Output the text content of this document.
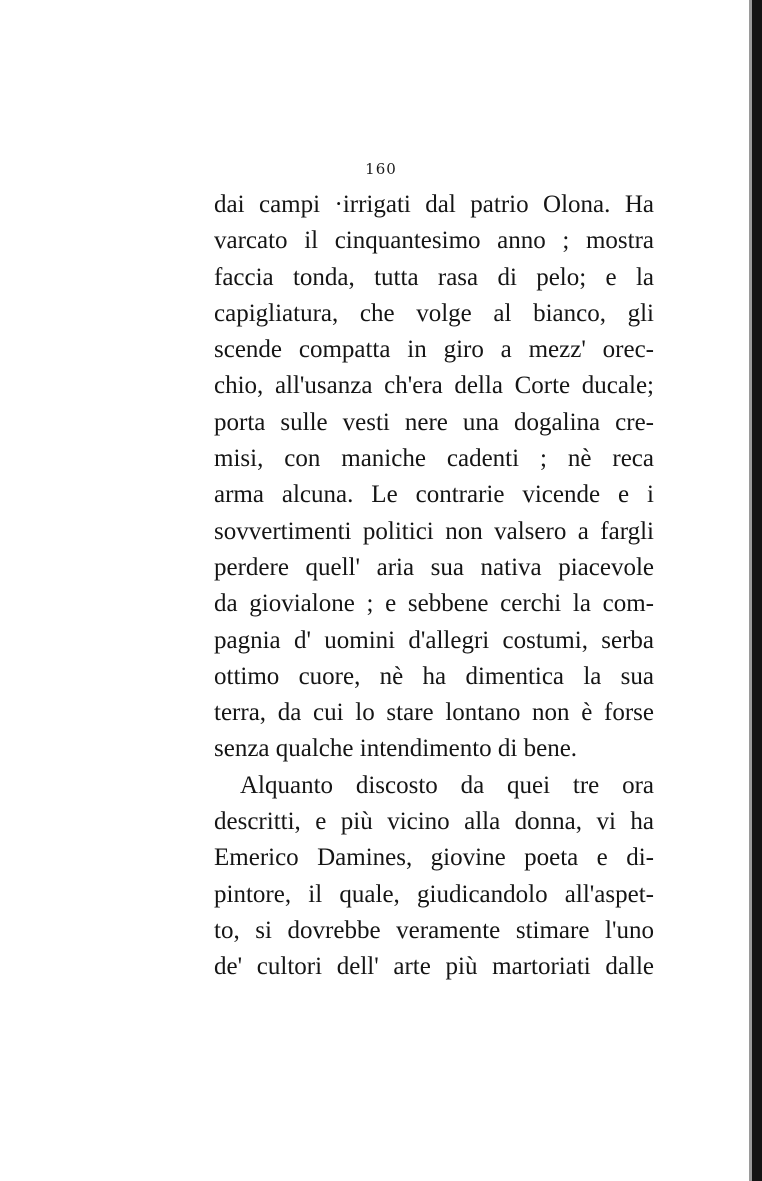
160
dai campi ·irrigati dal patrio Olona. Ha
varcato il cinquantesimo anno ; mostra
faccia tonda, tutta rasa di pelo; e la
capigliatura, che volge al bianco, gli
scende compatta in giro a mezz' orec-
chio, all'usanza ch'era della Corte ducale;
porta sulle vesti nere una dogalina cre-
misi, con maniche cadenti ; nè reca
arma alcuna. Le contrarie vicende e i
sovvertimenti politici non valsero a fargli
perdere quell' aria sua nativa piacevole
da giovialone ; e sebbene cerchi la com-
pagnia d' uomini d'allegri costumi, serba
ottimo cuore, nè ha dimentica la sua
terra, da cui lo stare lontano non è forse
senza qualche intendimento di bene.
Alquanto discosto da quei tre ora
descritti, e più vicino alla donna, vi ha
Emerico Damines, giovine poeta e di-
pintore, il quale, giudicandolo all'aspet-
to, si dovrebbe veramente stimare l'uno
de' cultori dell' arte più martoriati dalle
